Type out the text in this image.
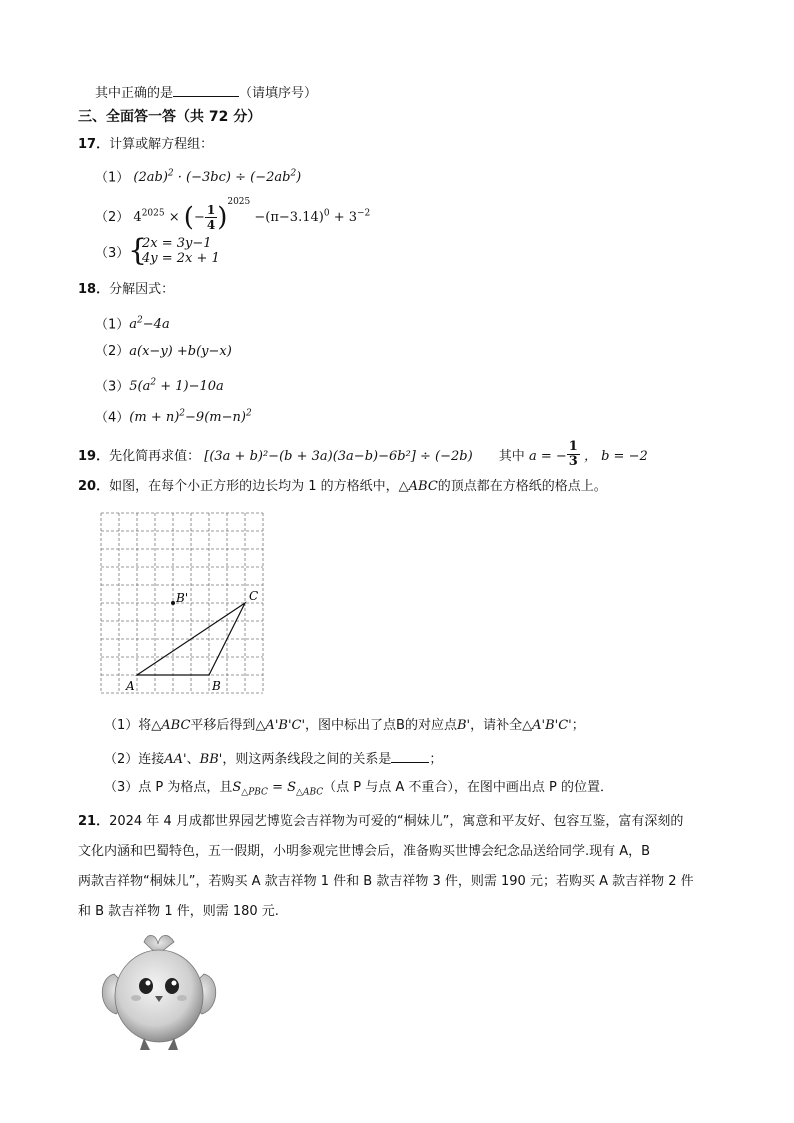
其中正确的是	（请填序号）
三、全面答一答（共 72 分）
17．计算或解方程组：
（1） $(2ab)^2 \cdot (-3bc) \div (-2ab^2)$
（2） $4^{2025}$ × (− $\frac{1}{4} )^{2025} -(\pi-3.14)^0 + 3^{-2}$
（3）
{
2x = 3y−1
4y = 2x + 1
18．分解因式：
$(1)a^2-4a$
（2）a(x−y) +b(y−x)
$(3)5(a^2 + 1)-10a$
$(4)(m + n)^2-9(m-n)^2$
19．先化简再求值： [(3a + b)²−(b + 3a)(3a−b)−6b²] ÷ (−2b) 其中 a = − $\frac{1}{3}$ ， b = −2
20．如图，在每个小正方形的边长均为 1 的方格纸中，△ABC的顶点都在方格纸的格点上。
A	B
C
B'
（1）将△ABC平移后得到△A'B'C'，图中标出了点B的对应点B'，请补全△A'B'C'；
（2）连接AA'、BB'，则这两条线段之间的关系是	；
（3）点 P 为格点，且$S_{\triangle PBC} = S_{\triangle ABC}$（点 P 与点 A 不重合），在图中画出点 P 的位置．
21．2024 年 4 月成都世界园艺博览会吉祥物为可爱的“桐妹儿”，寓意和平友好、包容互鉴，富有深刻的
文化内涵和巴蜀特色，五一假期，小明参观完世博会后，准备购买世博会纪念品送给同学.现有 A，B
两款吉祥物“桐妹儿”，若购买 A 款吉祥物 1 件和 B 款吉祥物 3 件，则需 190 元；若购买 A 款吉祥物 2 件
和 B 款吉祥物 1 件，则需 180 元.
